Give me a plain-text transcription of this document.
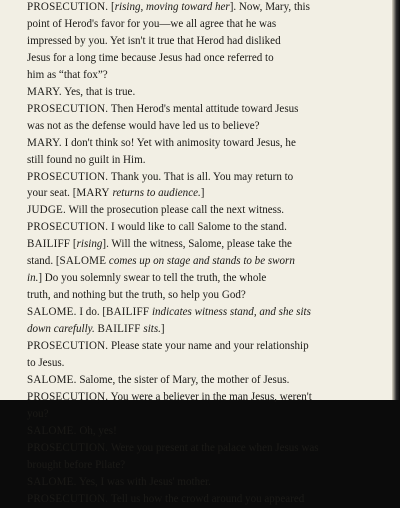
PROSECUTION. [rising, moving toward her]. Now, Mary, this
point of Herod's favor for you—we all agree that he was
impressed by you. Yet isn't it true that Herod had disliked
Jesus for a long time because Jesus had once referred to
him as “that fox”?

MARY. Yes, that is true.

PROSECUTION. Then Herod's mental attitude toward Jesus
was not as the defense would have led us to believe?

MARY. I don't think so! Yet with animosity toward Jesus, he
still found no guilt in Him.

PROSECUTION. Thank you. That is all. You may return to
your seat. [MARY returns to audience.]

JUDGE. Will the prosecution please call the next witness.

PROSECUTION. I would like to call Salome to the stand.

BAILIFF [rising]. Will the witness, Salome, please take the
stand. [SALOME comes up on stage and stands to be sworn
in.] Do you solemnly swear to tell the truth, the whole
truth, and nothing but the truth, so help you God?

SALOME. I do. [BAILIFF indicates witness stand, and she sits
down carefully. BAILIFF sits.]

PROSECUTION. Please state your name and your relationship
to Jesus.

SALOME. Salome, the sister of Mary, the mother of Jesus.

PROSECUTION. You were a believer in the man Jesus, weren't
you?

SALOME. Oh, yes!

PROSECUTION. Were you present at the palace when Jesus was
brought before Pilate?

SALOME. Yes, I was with Jesus' mother.

PROSECUTION. Tell us how the crowd around you appeared
